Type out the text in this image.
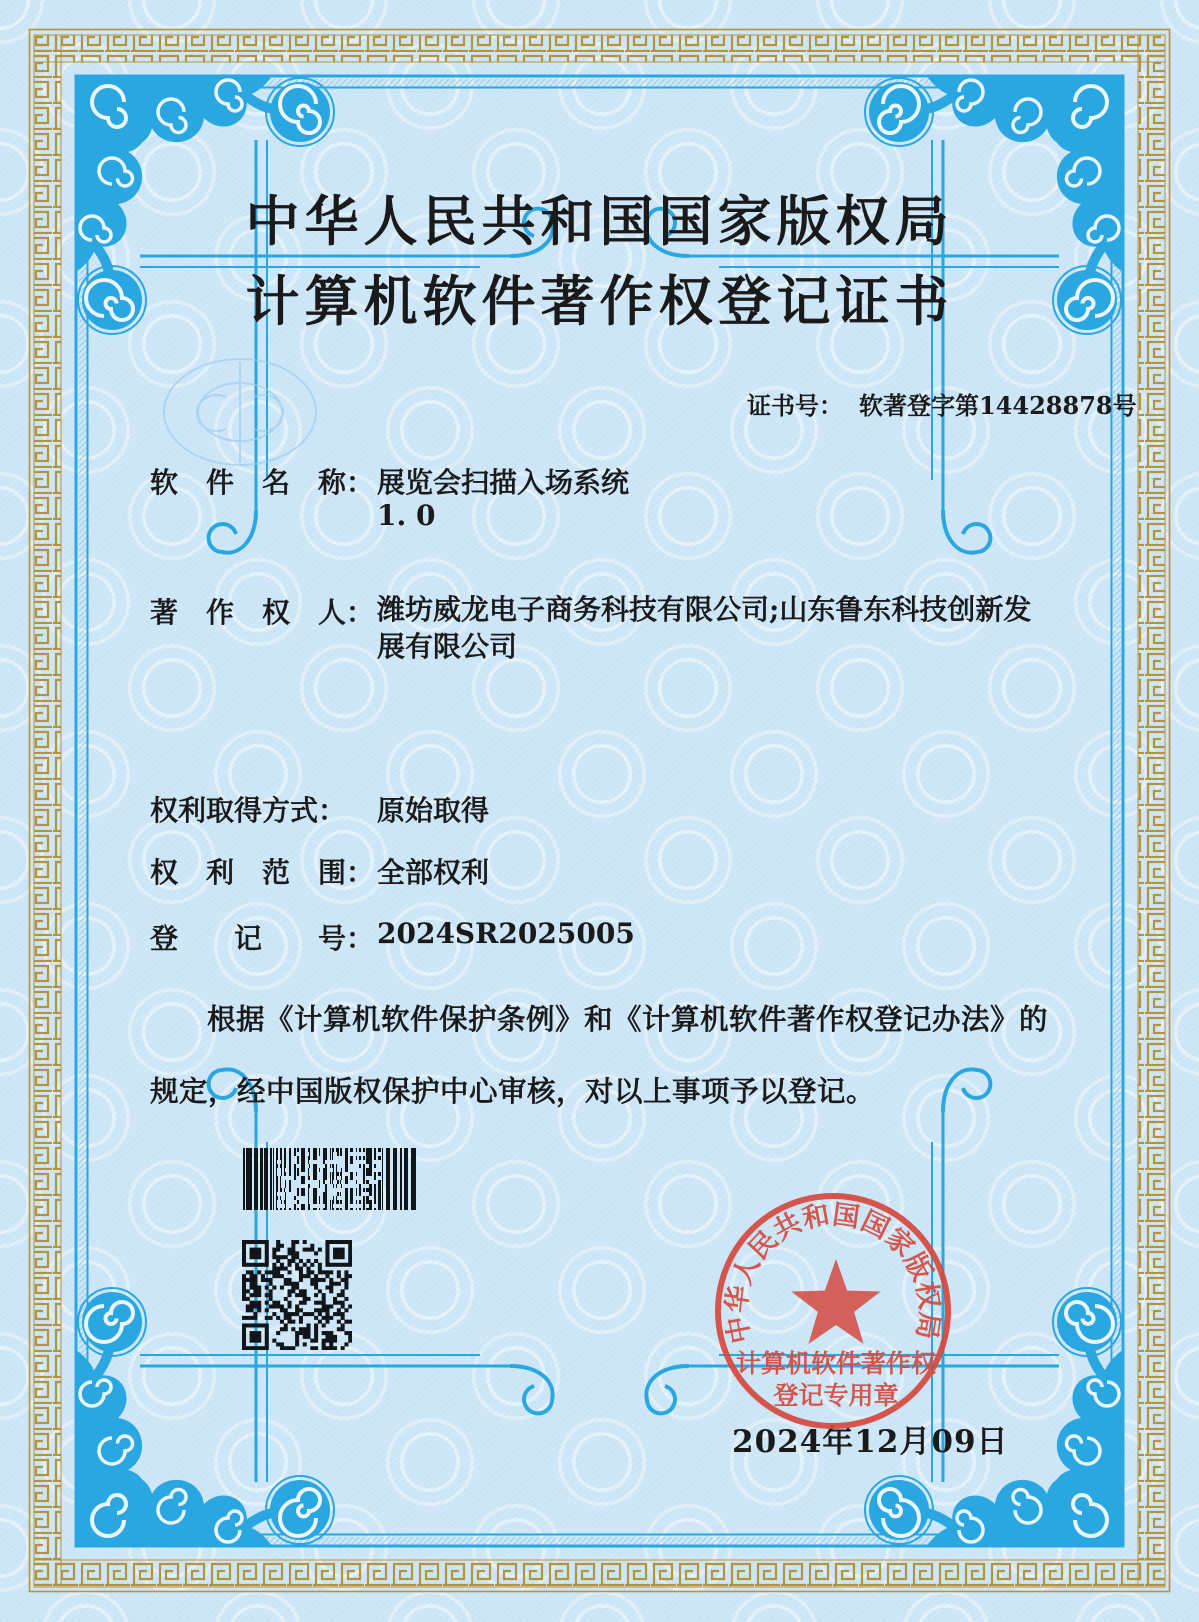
中华人民共和国国家版权局
计算机软件著作权登记证书
证书号： 软著登字第14428878号
软　件　名　称： 展览会扫描入场系统
1. 0
著　作　权　人： 潍坊威龙电子商务科技有限公司;山东鲁东科技创新发展有限公司
权利取得方式： 原始取得
权　利　范　围： 全部权利
登　　记　　号： 2024SR2025005
根据《计算机软件保护条例》和《计算机软件著作权登记办法》的
规定，经中国版权保护中心审核，对以上事项予以登记。
中华人民共和国国家版权局
计算机软件著作权
登记专用章
2024年12月09日
